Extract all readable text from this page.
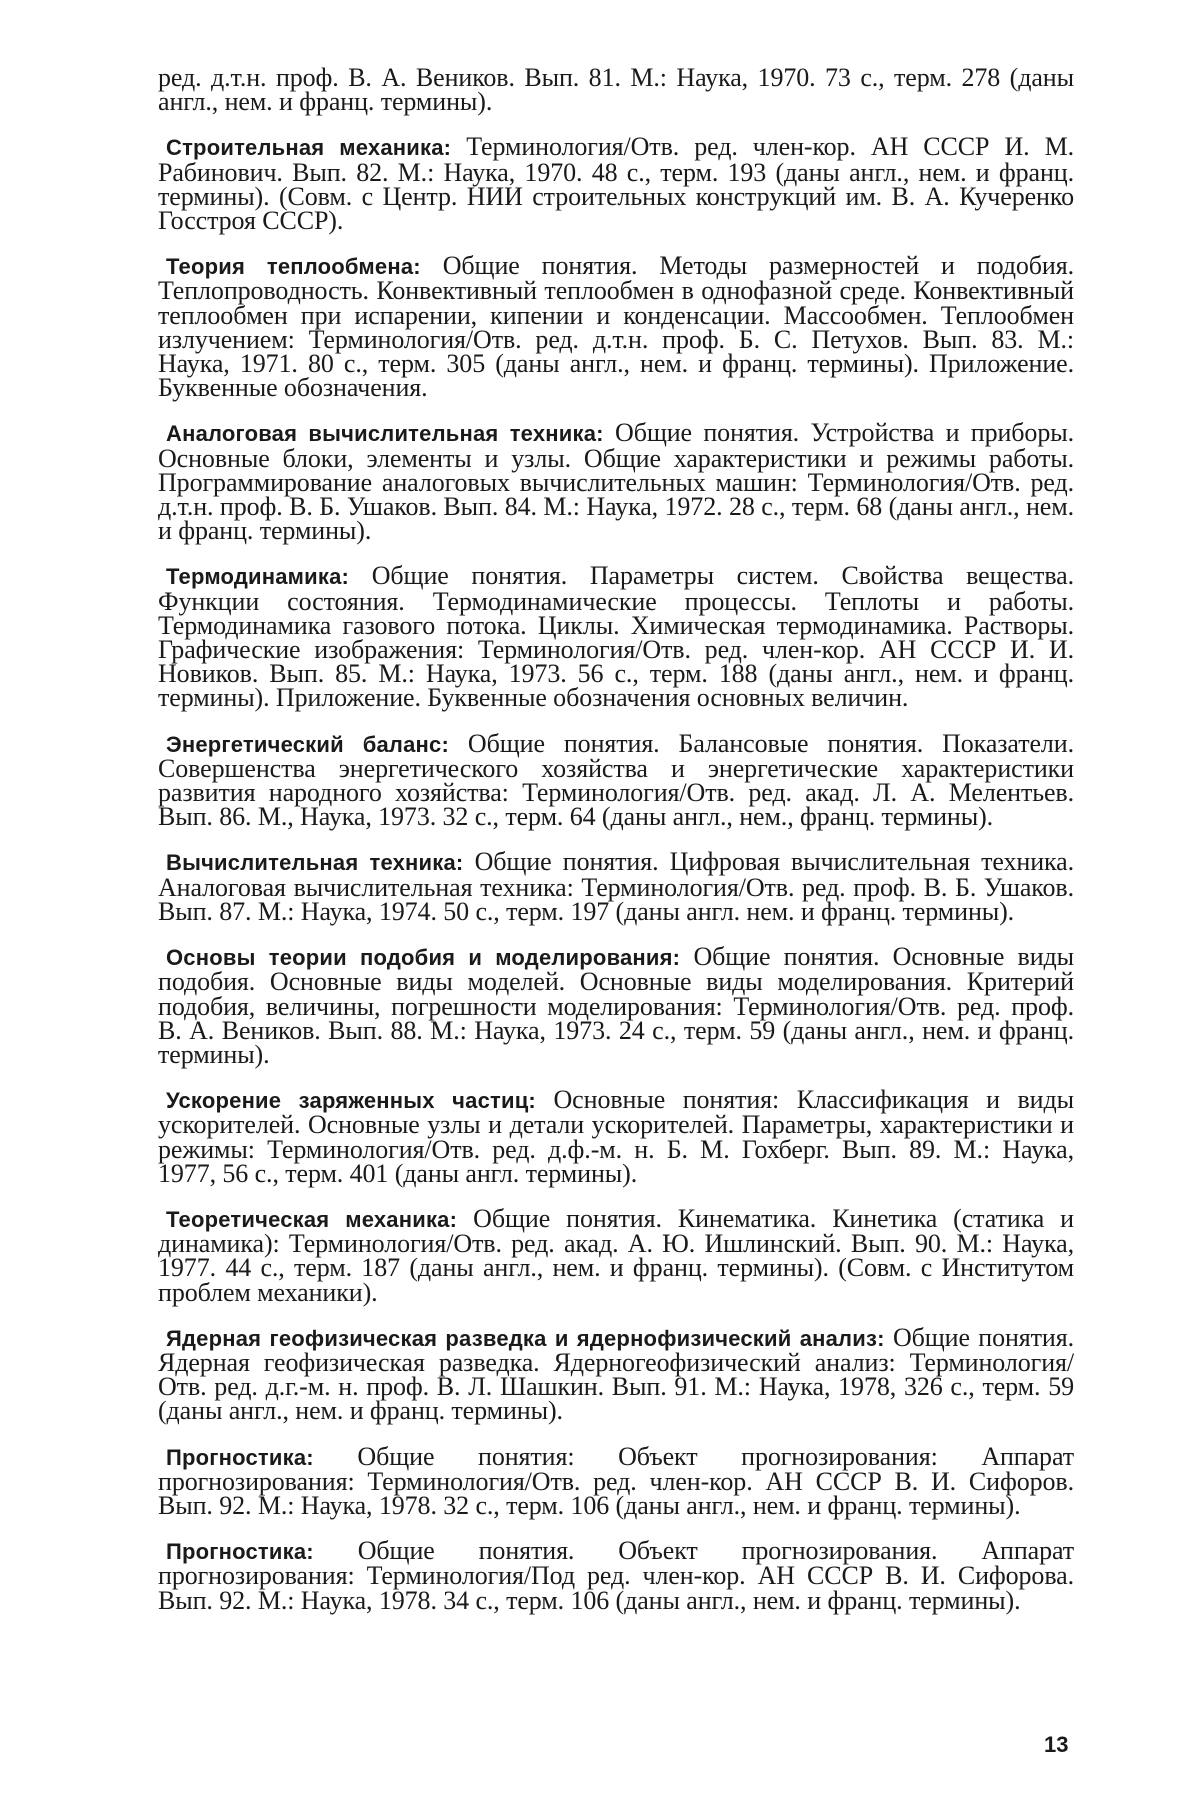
ред. д.т.н. проф. В. А. Веников. Вып. 81. М.: Наука, 1970. 73 с., терм. 278 (даны англ., нем. и франц. термины).

Строительная механика: Терминология/Отв. ред. член-кор. АН СССР И. М. Рабинович. Вып. 82. М.: Наука, 1970. 48 с., терм. 193 (даны англ., нем. и франц. термины). (Совм. с Центр. НИИ строительных конструкций им. В. А. Кучеренко Госстроя СССР).

Теория теплообмена: Общие понятия. Методы размерностей и подобия. Теплопроводность. Конвективный теплообмен в однофазной среде. Конвективный теплообмен при испарении, кипении и конденсации. Массообмен. Теплообмен излучением: Терминология/Отв. ред. д.т.н. проф. Б. С. Петухов. Вып. 83. М.: Наука, 1971. 80 с., терм. 305 (даны англ., нем. и франц. термины). Приложение. Буквенные обозначения.

Аналоговая вычислительная техника: Общие понятия. Устройства и приборы. Основные блоки, элементы и узлы. Общие характеристики и режимы работы. Программирование аналоговых вычислительных машин: Терминология/Отв. ред. д.т.н. проф. В. Б. Ушаков. Вып. 84. М.: Наука, 1972. 28 с., терм. 68 (даны англ., нем. и франц. термины).

Термодинамика: Общие понятия. Параметры систем. Свойства вещества. Функции состояния. Термодинамические процессы. Теплоты и работы. Термодинамика газового потока. Циклы. Химическая термодинамика. Растворы. Графические изображения: Терминология/Отв. ред. член-кор. АН СССР И. И. Новиков. Вып. 85. М.: Наука, 1973. 56 с., терм. 188 (даны англ., нем. и франц. термины). Приложение. Буквенные обозначения основных величин.

Энергетический баланс: Общие понятия. Балансовые понятия. Показатели. Совершенства энергетического хозяйства и энергетические характеристики развития народного хозяйства: Терминология/Отв. ред. акад. Л. А. Мелентьев. Вып. 86. М., Наука, 1973. 32 с., терм. 64 (даны англ., нем., франц. термины).

Вычислительная техника: Общие понятия. Цифровая вычислительная техника. Аналоговая вычислительная техника: Терминология/Отв. ред. проф. В. Б. Ушаков. Вып. 87. М.: Наука, 1974. 50 с., терм. 197 (даны англ. нем. и франц. термины).

Основы теории подобия и моделирования: Общие понятия. Основные виды подобия. Основные виды моделей. Основные виды моделирования. Критерий подобия, величины, погрешности моделирования: Терминология/Отв. ред. проф. В. А. Веников. Вып. 88. М.: Наука, 1973. 24 с., терм. 59 (даны англ., нем. и франц. термины).

Ускорение заряженных частиц: Основные понятия: Классификация и виды ускорителей. Основные узлы и детали ускорителей. Параметры, характеристики и режимы: Терминология/Отв. ред. д.ф.-м. н. Б. М. Гохберг. Вып. 89. М.: Наука, 1977, 56 с., терм. 401 (даны англ. термины).

Теоретическая механика: Общие понятия. Кинематика. Кинетика (статика и динамика): Терминология/Отв. ред. акад. А. Ю. Ишлинский. Вып. 90. М.: Наука, 1977. 44 с., терм. 187 (даны англ., нем. и франц. термины). (Совм. с Институтом проблем механики).

Ядерная геофизическая разведка и ядернофизический анализ: Общие понятия. Ядерная геофизическая разведка. Ядерногеофизический анализ: Терминология/Отв. ред. д.г.-м. н. проф. В. Л. Шашкин. Вып. 91. М.: Наука, 1978, 326 с., терм. 59 (даны англ., нем. и франц. термины).

Прогностика: Общие понятия: Объект прогнозирования: Аппарат прогнозирования: Терминология/Отв. ред. член-кор. АН СССР В. И. Сифоров. Вып. 92. М.: Наука, 1978. 32 с., терм. 106 (даны англ., нем. и франц. термины).

Прогностика: Общие понятия. Объект прогнозирования. Аппарат прогнозирования: Терминология/Под ред. член-кор. АН СССР В. И. Сифорова. Вып. 92. М.: Наука, 1978. 34 с., терм. 106 (даны англ., нем. и франц. термины).

13
